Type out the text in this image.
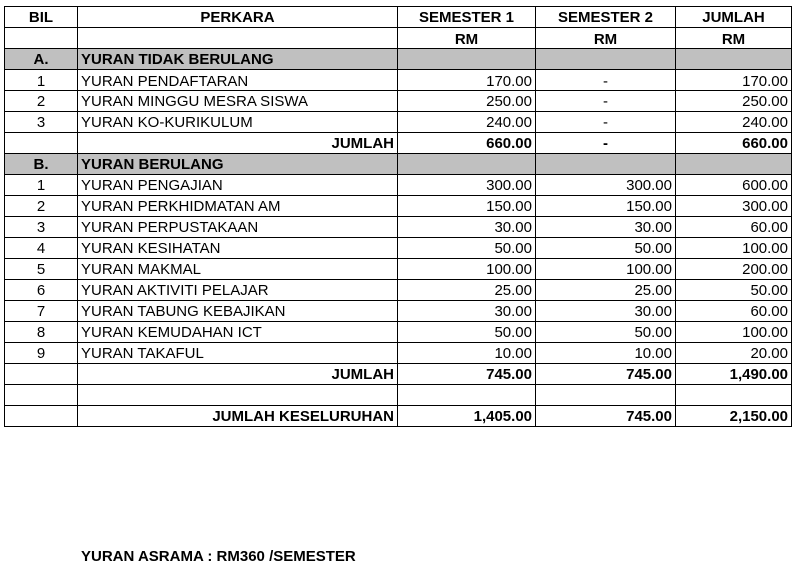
BIL	PERKARA	SEMESTER 1	SEMESTER 2	JUMLAH
		RM	RM	RM
A.	YURAN TIDAK BERULANG			
1	YURAN PENDAFTARAN	170.00	-	170.00
2	YURAN MINGGU MESRA SISWA	250.00	-	250.00
3	YURAN KO-KURIKULUM	240.00	-	240.00
	JUMLAH	660.00	-	660.00
B.	YURAN BERULANG			
1	YURAN PENGAJIAN	300.00	300.00	600.00
2	YURAN PERKHIDMATAN AM	150.00	150.00	300.00
3	YURAN PERPUSTAKAAN	30.00	30.00	60.00
4	YURAN KESIHATAN	50.00	50.00	100.00
5	YURAN MAKMAL	100.00	100.00	200.00
6	YURAN AKTIVITI PELAJAR	25.00	25.00	50.00
7	YURAN TABUNG KEBAJIKAN	30.00	30.00	60.00
8	YURAN KEMUDAHAN ICT	50.00	50.00	100.00
9	YURAN TAKAFUL	10.00	10.00	20.00
	JUMLAH	745.00	745.00	1,490.00

	JUMLAH KESELURUHAN	1,405.00	745.00	2,150.00
YURAN ASRAMA : RM360 /SEMESTER
